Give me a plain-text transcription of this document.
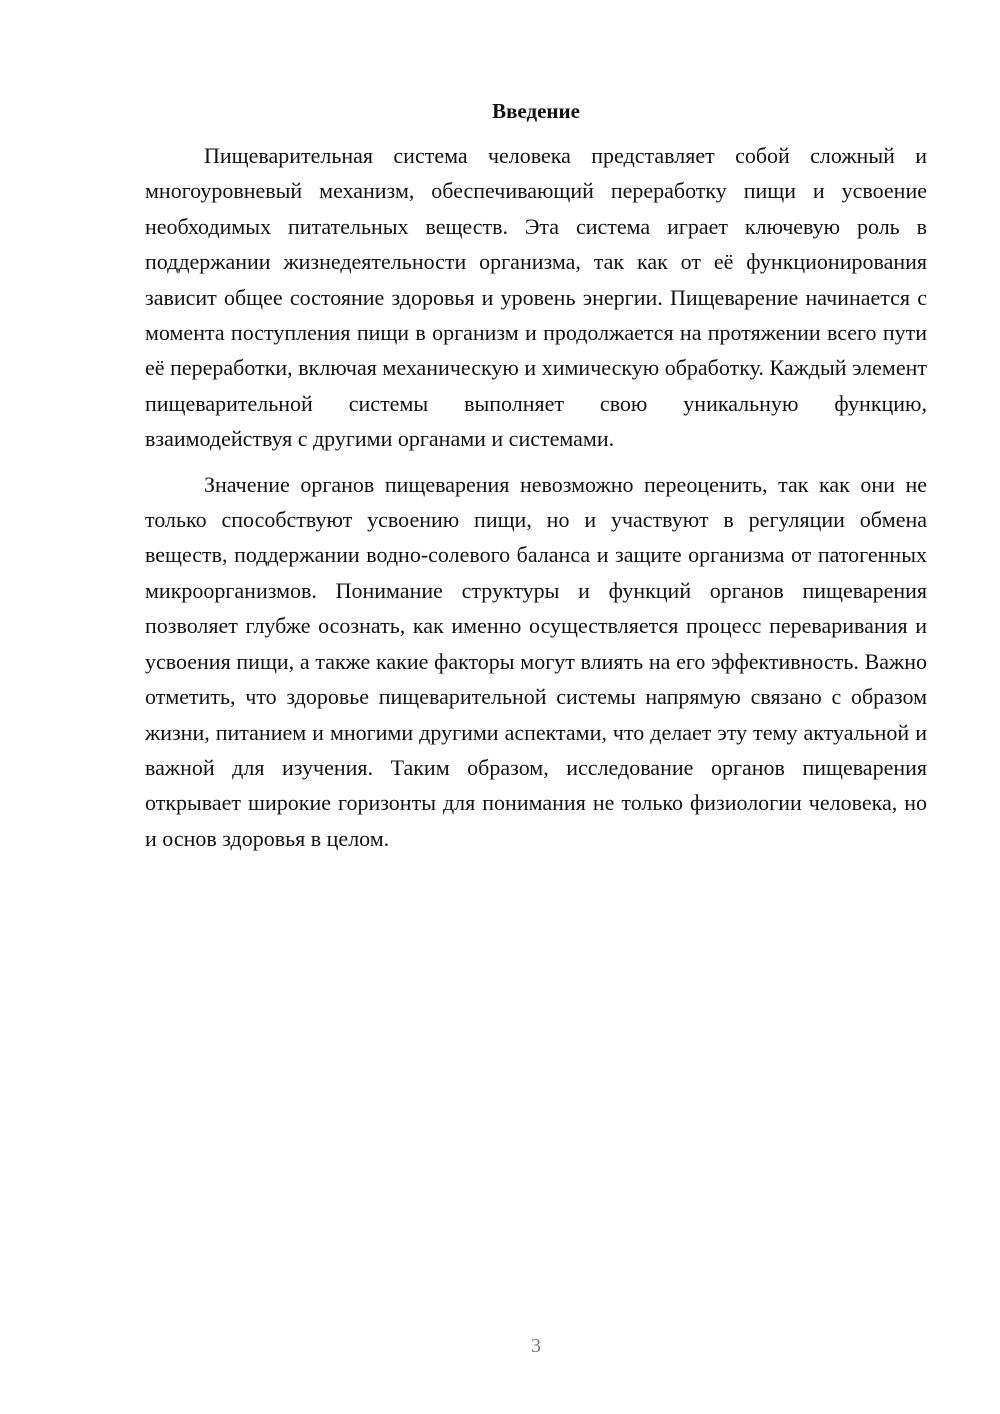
Введение

Пищеварительная система человека представляет собой сложный и многоуровневый механизм, обеспечивающий переработку пищи и усвоение необходимых питательных веществ. Эта система играет ключевую роль в поддержании жизнедеятельности организма, так как от её функционирования зависит общее состояние здоровья и уровень энергии. Пищеварение начинается с момента поступления пищи в организм и продолжается на протяжении всего пути её переработки, включая механическую и химическую обработку. Каждый элемент пищеварительной системы выполняет свою уникальную функцию, взаимодействуя с другими органами и системами.

Значение органов пищеварения невозможно переоценить, так как они не только способствуют усвоению пищи, но и участвуют в регуляции обмена веществ, поддержании водно-солевого баланса и защите организма от патогенных микроорганизмов. Понимание структуры и функций органов пищеварения позволяет глубже осознать, как именно осуществляется процесс переваривания и усвоения пищи, а также какие факторы могут влиять на его эффективность. Важно отметить, что здоровье пищеварительной системы напрямую связано с образом жизни, питанием и многими другими аспектами, что делает эту тему актуальной и важной для изучения. Таким образом, исследование органов пищеварения открывает широкие горизонты для понимания не только физиологии человека, но и основ здоровья в целом.

3
